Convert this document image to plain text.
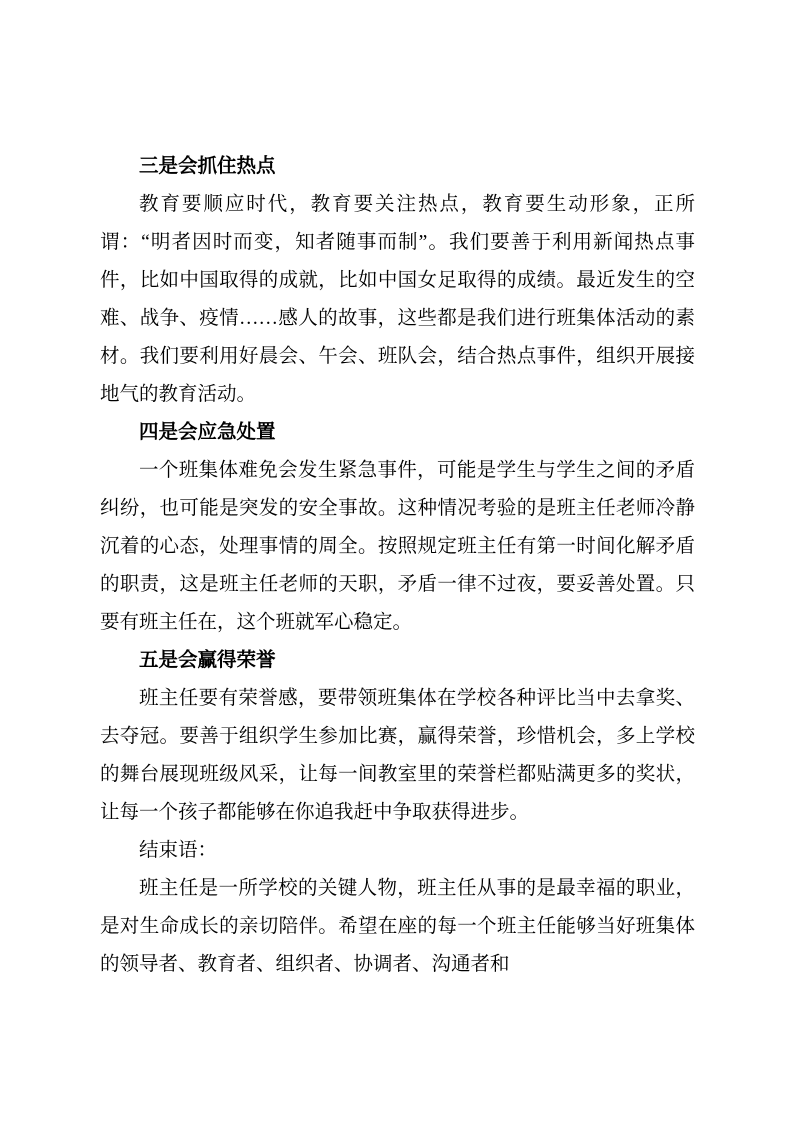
三是会抓住热点

教育要顺应时代，教育要关注热点，教育要生动形象，正所谓：“明者因时而变，知者随事而制”。我们要善于利用新闻热点事件，比如中国取得的成就，比如中国女足取得的成绩。最近发生的空难、战争、疫情……感人的故事，这些都是我们进行班集体活动的素材。我们要利用好晨会、午会、班队会，结合热点事件，组织开展接地气的教育活动。

四是会应急处置

一个班集体难免会发生紧急事件，可能是学生与学生之间的矛盾纠纷，也可能是突发的安全事故。这种情况考验的是班主任老师冷静沉着的心态，处理事情的周全。按照规定班主任有第一时间化解矛盾的职责，这是班主任老师的天职，矛盾一律不过夜，要妥善处置。只要有班主任在，这个班就军心稳定。

五是会赢得荣誉

班主任要有荣誉感，要带领班集体在学校各种评比当中去拿奖、去夺冠。要善于组织学生参加比赛，赢得荣誉，珍惜机会，多上学校的舞台展现班级风采，让每一间教室里的荣誉栏都贴满更多的奖状，让每一个孩子都能够在你追我赶中争取获得进步。

结束语：

班主任是一所学校的关键人物，班主任从事的是最幸福的职业，是对生命成长的亲切陪伴。希望在座的每一个班主任能够当好班集体的领导者、教育者、组织者、协调者、沟通者和
